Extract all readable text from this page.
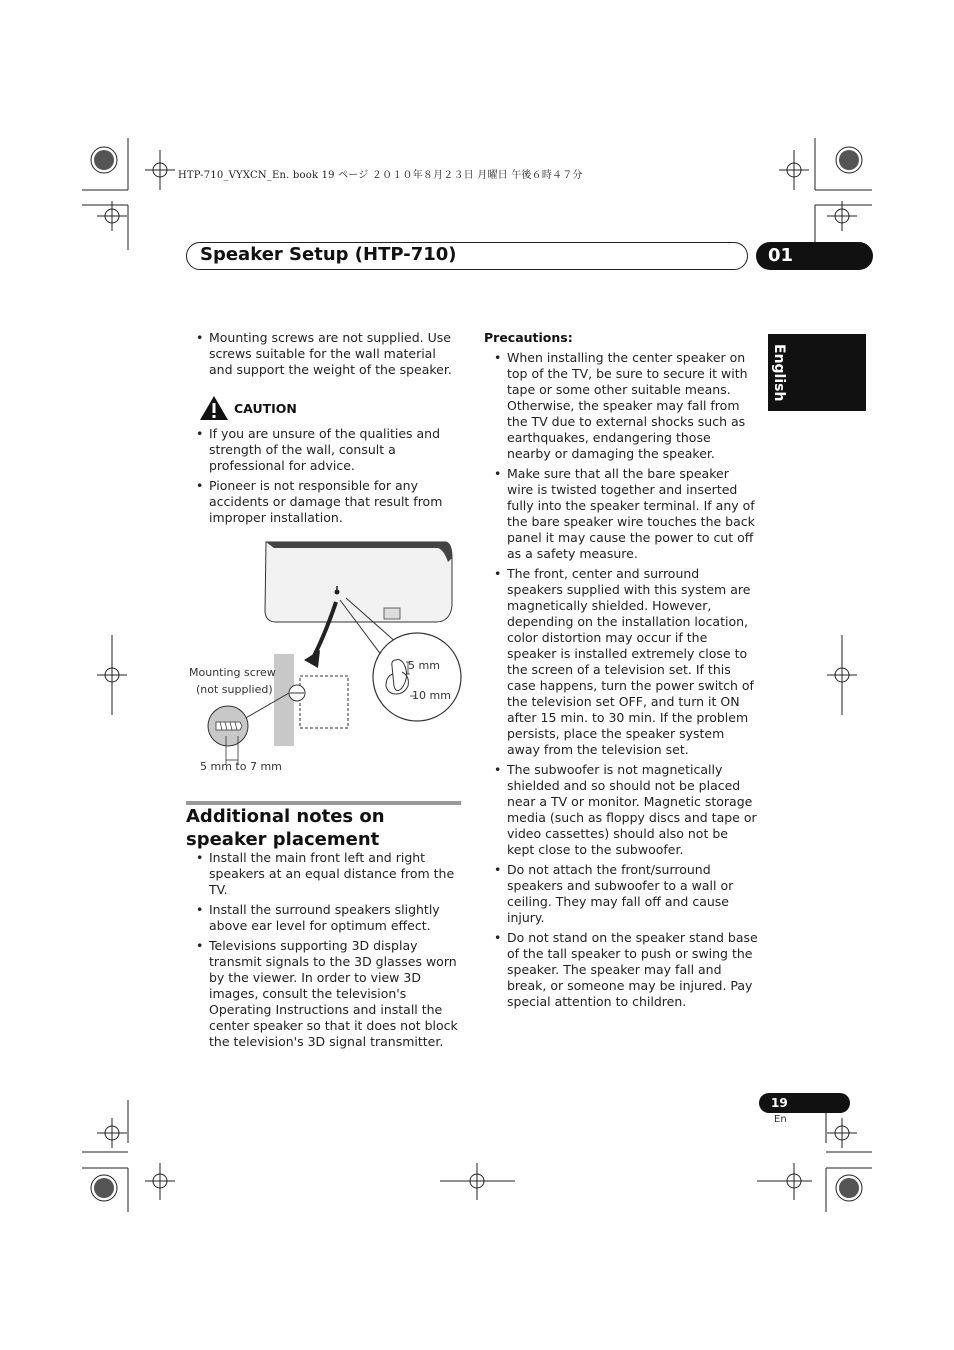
HTP-710_VYXCN_En. book 19 ページ ２０１０年８月２３日 月曜日 午後６時４７分
Speaker Setup (HTP-710)	01
English
• Mounting screws are not supplied. Use screws suitable for the wall material and support the weight of the speaker.
CAUTION
• If you are unsure of the qualities and strength of the wall, consult a professional for advice.
• Pioneer is not responsible for any accidents or damage that result from improper installation.
Mounting screw
(not supplied)
5 mm
10 mm
5 mm to 7 mm
Additional notes on speaker placement
• Install the main front left and right speakers at an equal distance from the TV.
• Install the surround speakers slightly above ear level for optimum effect.
• Televisions supporting 3D display transmit signals to the 3D glasses worn by the viewer. In order to view 3D images, consult the television's Operating Instructions and install the center speaker so that it does not block the television's 3D signal transmitter.
Precautions:
• When installing the center speaker on top of the TV, be sure to secure it with tape or some other suitable means. Otherwise, the speaker may fall from the TV due to external shocks such as earthquakes, endangering those nearby or damaging the speaker.
• Make sure that all the bare speaker wire is twisted together and inserted fully into the speaker terminal. If any of the bare speaker wire touches the back panel it may cause the power to cut off as a safety measure.
• The front, center and surround speakers supplied with this system are magnetically shielded. However, depending on the installation location, color distortion may occur if the speaker is installed extremely close to the screen of a television set. If this case happens, turn the power switch of the television set OFF, and turn it ON after 15 min. to 30 min. If the problem persists, place the speaker system away from the television set.
• The subwoofer is not magnetically shielded and so should not be placed near a TV or monitor. Magnetic storage media (such as floppy discs and tape or video cassettes) should also not be kept close to the subwoofer.
• Do not attach the front/surround speakers and subwoofer to a wall or ceiling. They may fall off and cause injury.
• Do not stand on the speaker stand base of the tall speaker to push or swing the speaker. The speaker may fall and break, or someone may be injured. Pay special attention to children.
19
En
